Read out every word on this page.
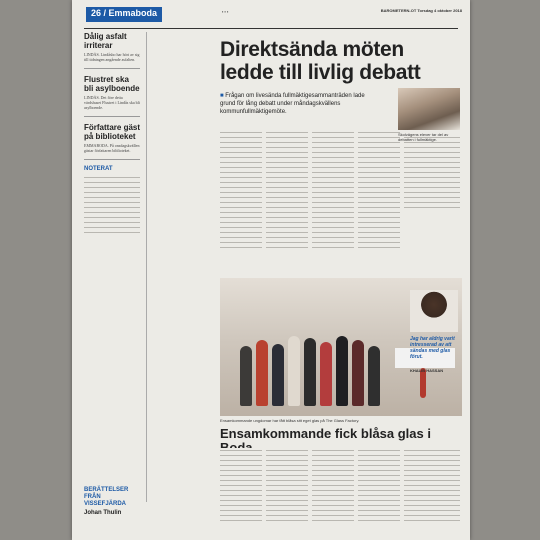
26 / Emmaboda	▪ ▪ ▪	BAROMETERN-OT Torsdag 4 oktober 2018
Dålig asfalt irriterar
LINDÅS. Lindåsbo har hört av sig till tidningen angående asfalten.
Flustret ska bli asylboende
LINDÅS. Det före detta värdshuset Flustret i Lindås ska bli asylboende.
Författare gäst på biblioteket
EMMABODA. På onsdagskvällen gästar författaren biblioteket.
NOTERAT
BERÄTTELSER FRÅN VISSEFJÄRDA
Johan Thulin
Direktsända möten ledde till livlig debatt
■ Frågan om livesända fullmäktigesammanträden lade grund för lång debatt under måndagskvällens kommunfullmäktigemöte.
Skolvägens elever tar del av debatten i fullmäktige.
Jag har aldrig varit intresserad av att sändas med glas förut.
KHALIB HASSAN
Ensamkommande ungdomar har fått blåsa sitt eget glas på The Glass Factory.
Ensamkommande fick blåsa glas i
